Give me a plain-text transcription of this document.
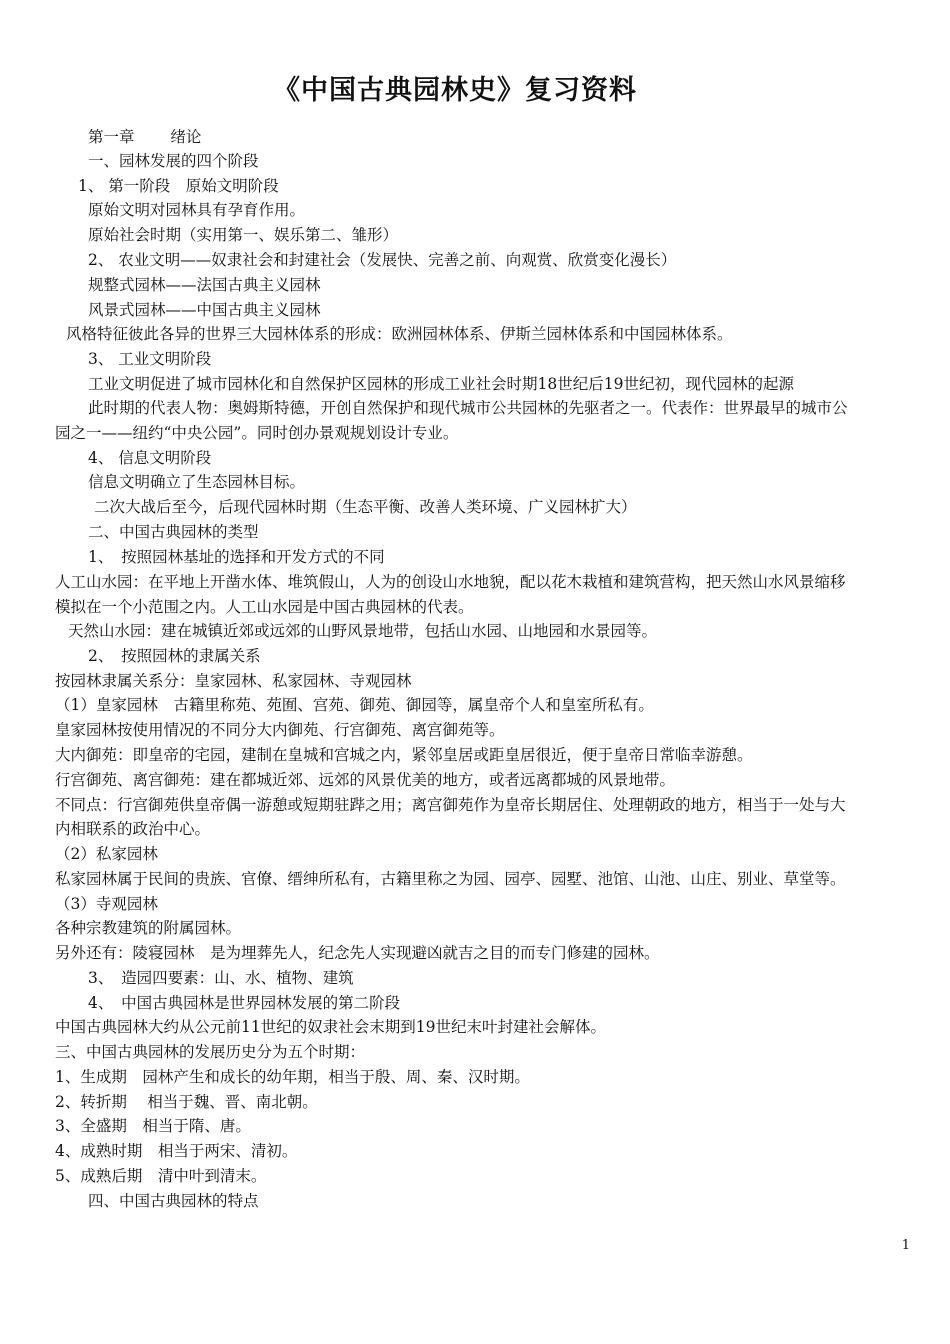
《中国古典园林史》复习资料
第一章　　 绪论
一、园林发展的四个阶段
1、 第一阶段　原始文明阶段
原始文明对园林具有孕育作用。
原始社会时期（实用第一、娱乐第二、雏形）
2、 农业文明——奴隶社会和封建社会（发展快、完善之前、向观赏、欣赏变化漫长）
规整式园林——法国古典主义园林
风景式园林——中国古典主义园林
风格特征彼此各异的世界三大园林体系的形成：欧洲园林体系、伊斯兰园林体系和中国园林体系。
3、 工业文明阶段
工业文明促进了城市园林化和自然保护区园林的形成工业社会时期18世纪后19世纪初，现代园林的起源
此时期的代表人物：奥姆斯特德，开创自然保护和现代城市公共园林的先驱者之一。代表作：世界最早的城市公
园之一——纽约“中央公园”。同时创办景观规划设计专业。
4、 信息文明阶段
信息文明确立了生态园林目标。
二次大战后至今，后现代园林时期（生态平衡、改善人类环境、广义园林扩大）
二、中国古典园林的类型
1、　按照园林基址的选择和开发方式的不同
人工山水园：在平地上开凿水体、堆筑假山，人为的创设山水地貌，配以花木栽植和建筑营构，把天然山水风景缩移
模拟在一个小范围之内。人工山水园是中国古典园林的代表。
天然山水园：建在城镇近郊或远郊的山野风景地带，包括山水园、山地园和水景园等。
2、　按照园林的隶属关系
按园林隶属关系分：皇家园林、私家园林、寺观园林
（1）皇家园林　古籍里称苑、苑囿、宫苑、御苑、御园等，属皇帝个人和皇室所私有。
皇家园林按使用情况的不同分大内御苑、行宫御苑、离宫御苑等。
大内御苑：即皇帝的宅园，建制在皇城和宫城之内，紧邻皇居或距皇居很近，便于皇帝日常临幸游憩。
行宫御苑、离宫御苑：建在都城近郊、远郊的风景优美的地方，或者远离都城的风景地带。
不同点：行宫御苑供皇帝偶一游憩或短期驻跸之用；离宫御苑作为皇帝长期居住、处理朝政的地方，相当于一处与大
内相联系的政治中心。
（2）私家园林
私家园林属于民间的贵族、官僚、缙绅所私有，古籍里称之为园、园亭、园墅、池馆、山池、山庄、别业、草堂等。
（3）寺观园林
各种宗教建筑的附属园林。
另外还有：陵寝园林　是为埋葬先人，纪念先人实现避凶就吉之目的而专门修建的园林。
3、　造园四要素：山、水、植物、建筑
4、　中国古典园林是世界园林发展的第二阶段
中国古典园林大约从公元前11世纪的奴隶社会末期到19世纪末叶封建社会解体。
三、中国古典园林的发展历史分为五个时期：
1、生成期　园林产生和成长的幼年期，相当于殷、周、秦、汉时期。
2、转折期　 相当于魏、晋、南北朝。
3、全盛期　相当于隋、唐。
4、成熟时期　相当于两宋、清初。
5、成熟后期　清中叶到清末。
四、中国古典园林的特点
1
